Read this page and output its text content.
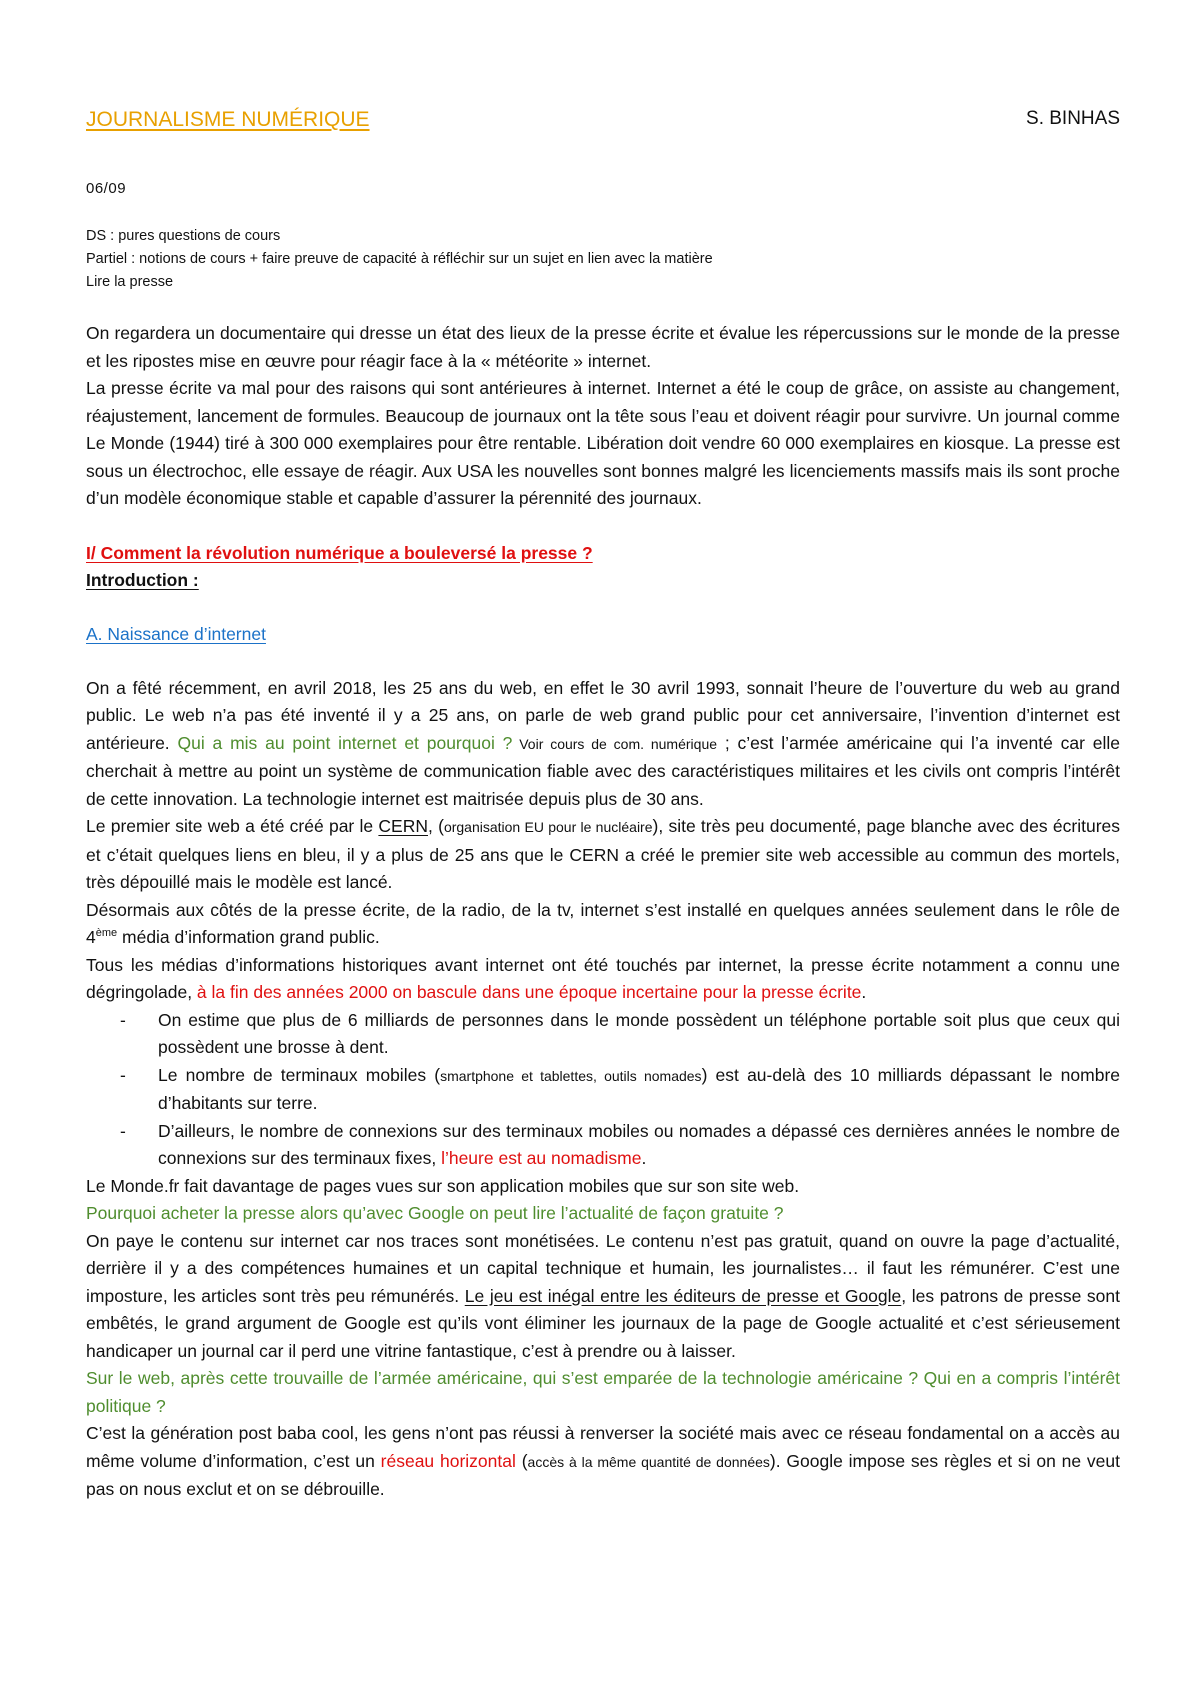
JOURNALISME NUMÉRIQUE	S. BINHAS
06/09
DS : pures questions de cours
Partiel : notions de cours + faire preuve de capacité à réfléchir sur un sujet en lien avec la matière
Lire la presse

On regardera un documentaire qui dresse un état des lieux de la presse écrite et évalue les répercussions sur le monde de la presse et les ripostes mise en œuvre pour réagir face à la « météorite » internet.

La presse écrite va mal pour des raisons qui sont antérieures à internet. Internet a été le coup de grâce, on assiste au changement, réajustement, lancement de formules. Beaucoup de journaux ont la tête sous l’eau et doivent réagir pour survivre. Un journal comme Le Monde (1944) tiré à 300 000 exemplaires pour être rentable. Libération doit vendre 60 000 exemplaires en kiosque. La presse est sous un électrochoc, elle essaye de réagir. Aux USA les nouvelles sont bonnes malgré les licenciements massifs mais ils sont proche d’un modèle économique stable et capable d’assurer la pérennité des journaux.

I/ Comment la révolution numérique a bouleversé la presse ?
Introduction :
A. Naissance d’internet

On a fêté récemment, en avril 2018, les 25 ans du web, en effet le 30 avril 1993, sonnait l’heure de l’ouverture du web au grand public. Le web n’a pas été inventé il y a 25 ans, on parle de web grand public pour cet anniversaire, l’invention d’internet est antérieure. Qui a mis au point internet et pourquoi ? Voir cours de com. numérique ; c’est l’armée américaine qui l’a inventé car elle cherchait à mettre au point un système de communication fiable avec des caractéristiques militaires et les civils ont compris l’intérêt de cette innovation. La technologie internet est maitrisée depuis plus de 30 ans.

Le premier site web a été créé par le CERN, (organisation EU pour le nucléaire), site très peu documenté, page blanche avec des écritures et c’était quelques liens en bleu, il y a plus de 25 ans que le CERN a créé le premier site web accessible au commun des mortels, très dépouillé mais le modèle est lancé.

Désormais aux côtés de la presse écrite, de la radio, de la tv, internet s’est installé en quelques années seulement dans le rôle de 4ème média d’information grand public.

Tous les médias d’informations historiques avant internet ont été touchés par internet, la presse écrite notamment a connu une dégringolade, à la fin des années 2000 on bascule dans une époque incertaine pour la presse écrite.

- On estime que plus de 6 milliards de personnes dans le monde possèdent un téléphone portable soit plus que ceux qui possèdent une brosse à dent.
- Le nombre de terminaux mobiles (smartphone et tablettes, outils nomades) est au-delà des 10 milliards dépassant le nombre d’habitants sur terre.
- D’ailleurs, le nombre de connexions sur des terminaux mobiles ou nomades a dépassé ces dernières années le nombre de connexions sur des terminaux fixes, l’heure est au nomadisme.

Le Monde.fr fait davantage de pages vues sur son application mobiles que sur son site web.

Pourquoi acheter la presse alors qu’avec Google on peut lire l’actualité de façon gratuite ?

On paye le contenu sur internet car nos traces sont monétisées. Le contenu n’est pas gratuit, quand on ouvre la page d’actualité, derrière il y a des compétences humaines et un capital technique et humain, les journalistes… il faut les rémunérer. C’est une imposture, les articles sont très peu rémunérés. Le jeu est inégal entre les éditeurs de presse et Google, les patrons de presse sont embêtés, le grand argument de Google est qu’ils vont éliminer les journaux de la page de Google actualité et c’est sérieusement handicaper un journal car il perd une vitrine fantastique, c’est à prendre ou à laisser.

Sur le web, après cette trouvaille de l’armée américaine, qui s’est emparée de la technologie américaine ? Qui en a compris l’intérêt politique ?

C’est la génération post baba cool, les gens n’ont pas réussi à renverser la société mais avec ce réseau fondamental on a accès au même volume d’information, c’est un réseau horizontal (accès à la même quantité de données). Google impose ses règles et si on ne veut pas on nous exclut et on se débrouille.
